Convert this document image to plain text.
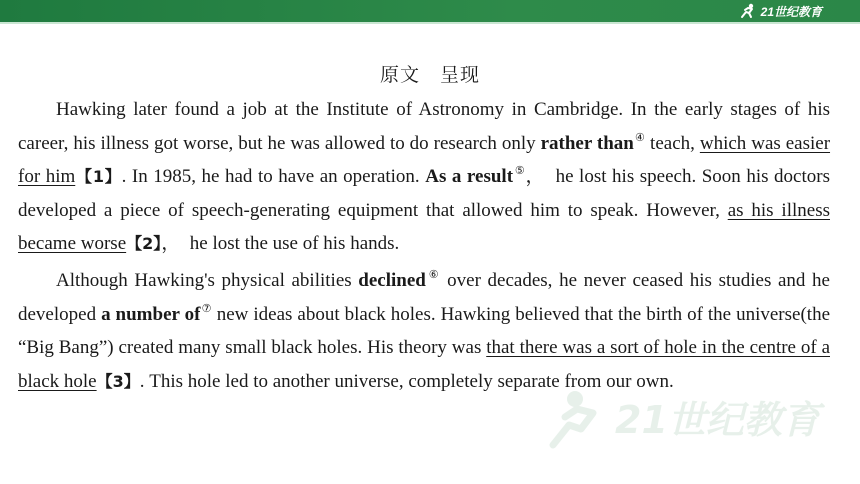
21世纪教育
原文　呈现

Hawking later found a job at the Institute of Astronomy in Cambridge. In the early stages of his career, his illness got worse, but he was allowed to do research only rather than④ teach, which was easier for him【1】. In 1985, he had to have an operation. As a result⑤，　he lost his speech. Soon his doctors developed a piece of speech-generating equipment that allowed him to speak. However, as his illness became worse【2】，　he lost the use of his hands.

Although Hawking's physical abilities declined⑥ over decades, he never ceased his studies and he developed a number of⑦ new ideas about black holes. Hawking believed that the birth of the universe(the “Big Bang”) created many small black holes. His theory was that there was a sort of hole in the centre of a black hole【3】. This hole led to another universe, completely separate from our own.

21世纪教育
